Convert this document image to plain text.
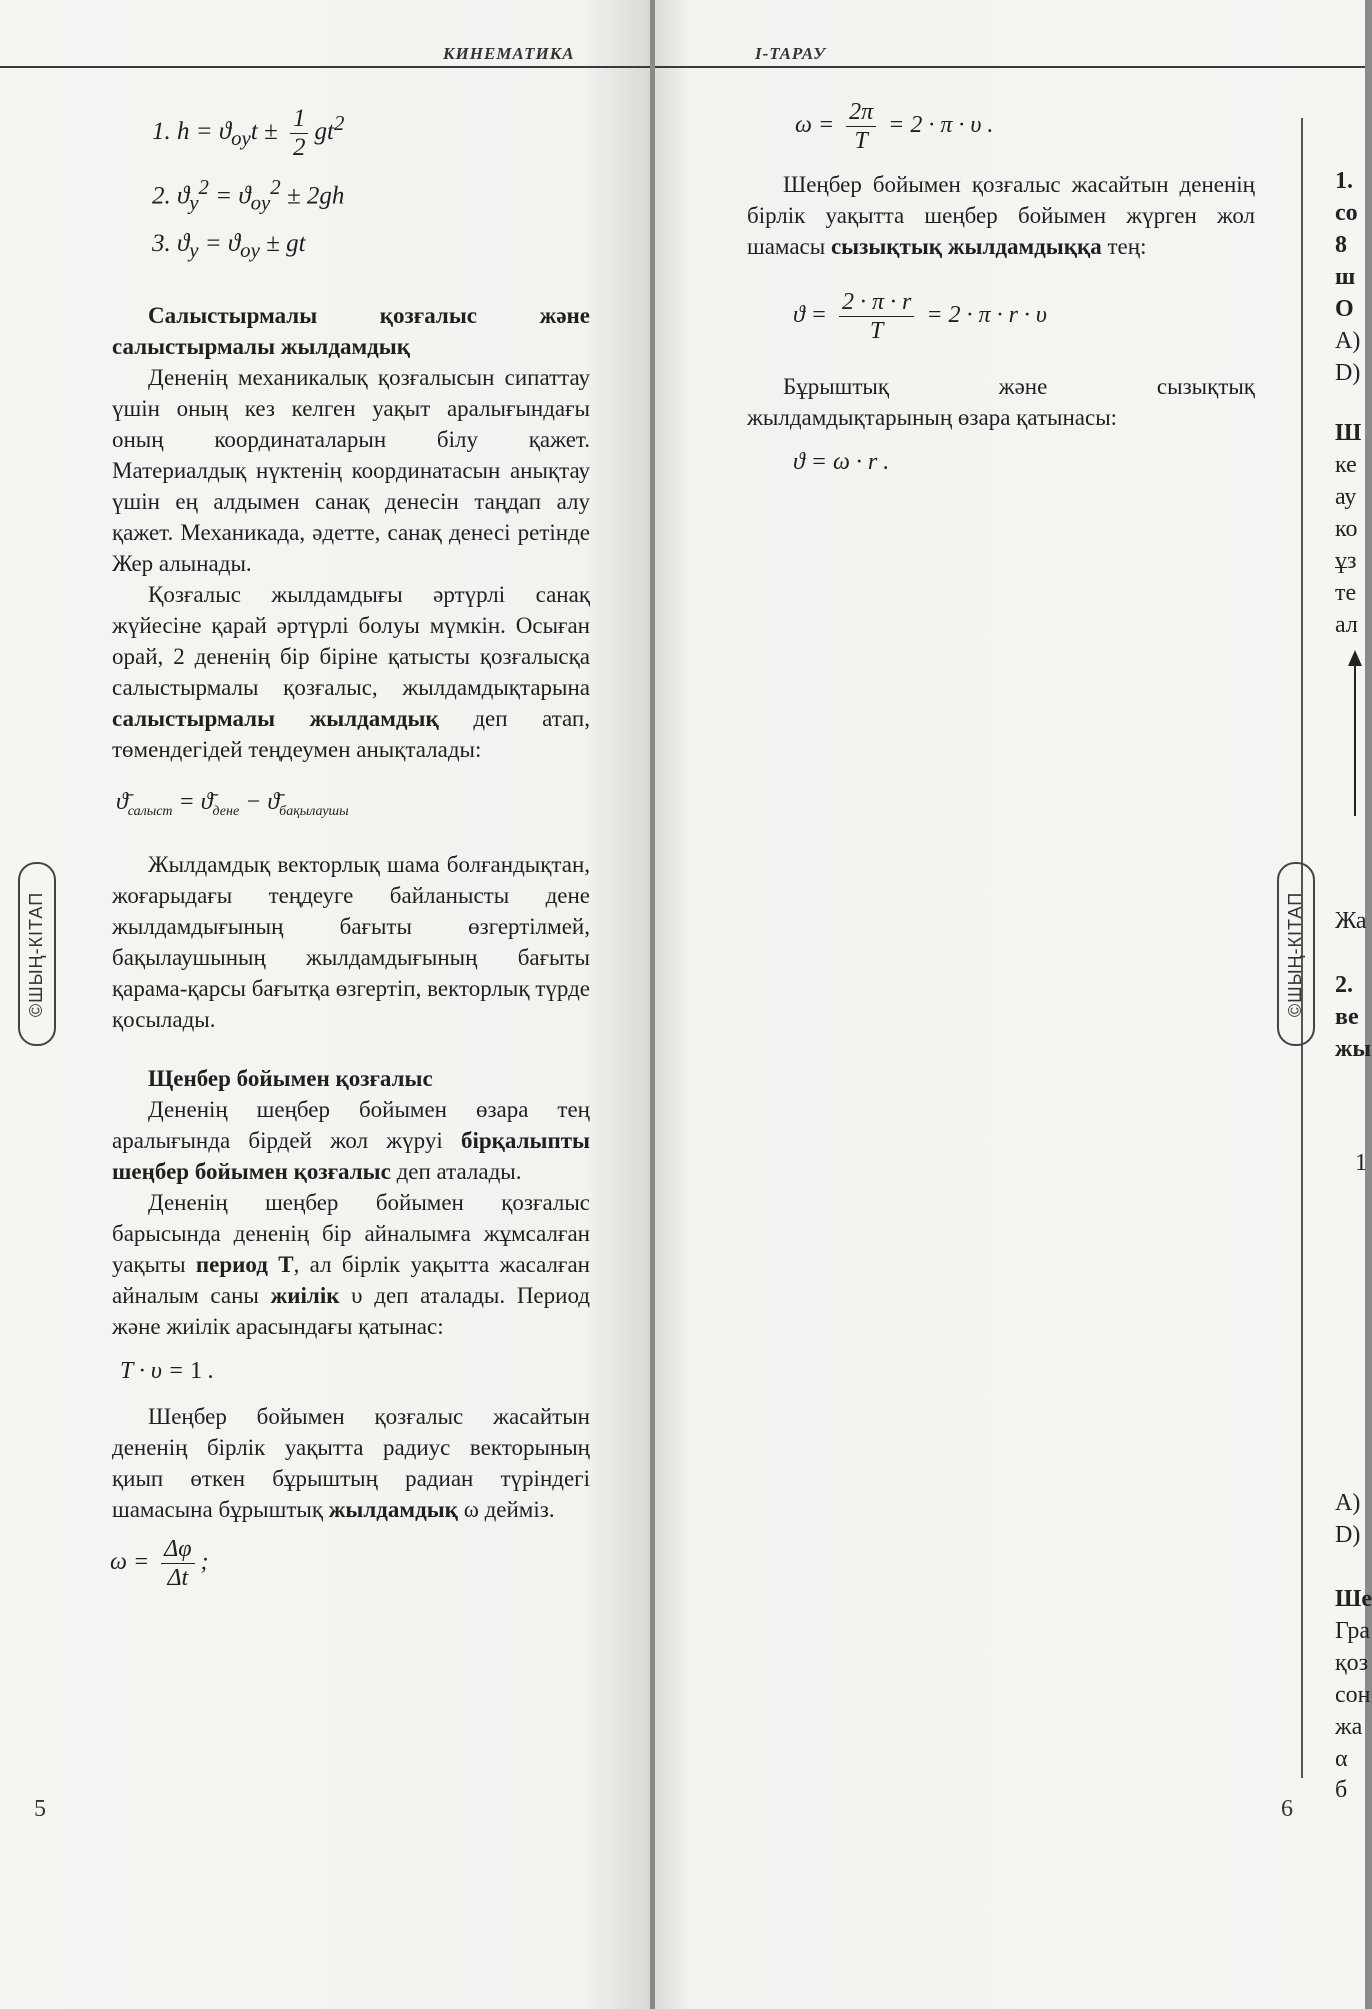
КИНЕМАТИКА
1. $h = ϑ_{oy}t \pm \frac{1}{2} gt^2$
2. $ϑ_y^2 = ϑ_{oy}^2 \pm 2gh$
3. $ϑ_y = ϑ_{oy}$ ± gt
Салыстырмалы қозғалыс және салыстырмалы жылдамдық

Дененің механикалық қозғалысын сипаттау үшін оның кез келген уақыт аралығындағы оның координаталарын білу қажет. Материалдық нүктенің координатасын анықтау үшін ең алдымен санақ денесін таңдап алу қажет. Механикада, әдетте, санақ денесі ретінде Жер алынады.

Қозғалыс жылдамдығы әртүрлі санақ жүйесіне қарай әртүрлі болуы мүмкін. Осыған орай, 2 дененің бір біріне қатысты қозғалысқа салыстырмалы қозғалыс, жылдамдықтарына салыстырмалы жылдамдық деп атап, төмендегідей теңдеумен анықталады:

$ϑ̄_{салыст}$ = $ϑ̄_{дене}$ − $ϑ̄_{бақылаушы}$

Жылдамдық векторлық шама болғандықтан, жоғарыдағы теңдеуге байланысты дене жылдамдығының бағыты өзгертілмей, бақылаушының жылдамдығының бағыты қарама-қарсы бағытқа өзгертіп, векторлық түрде қосылады.

Щенбер бойымен қозғалыс

Дененің шеңбер бойымен өзара тең аралығында бірдей жол жүруі бірқалыпты шеңбер бойымен қозғалыс деп аталады.

Дененің шеңбер бойымен қозғалыс барысында дененің бір айналымға жұмсалған уақыты период T, ал бірлік уақытта жасалған айналым саны жиілік υ деп аталады. Период және жиілік арасындағы қатынас:

T · υ = 1 .

Шеңбер бойымен қозғалыс жасайтын дененің бірлік уақытта радиус векторының қиып өткен бұрыштың радиан түріндегі шамасына бұрыштық жылдамдық ω дейміз.

$\omega = \frac{\Delta\varphi}{\Delta t}$ ;
©ШЫҢ-КІТАП
5
I-ТАРАУ
$\omega = \frac{2\pi}{T} = 2 \cdot \pi \cdot \upsilon$ .

Шеңбер бойымен қозғалыс жасайтын дененің бірлік уақытта шеңбер бойымен жүрген жол шамасы сызықтық жылдамдыққа тең:

$ϑ = \frac{2 \cdot \pi \cdot r}{T} = 2 \cdot \pi \cdot r \cdot \upsilon$

Бұрыштық және сызықтық жылдамдықтарының өзара қатынасы:

ϑ = ω · r .
©ШЫҢ-КІТАП
6
1.
со
8
ш
О
А)
D)
Ш
ке
ау
ко
ұз
те
ал
Жа
2.
ве
жы
1
А)
D)
Ше
Гра
қоз
сон
жа
α б
